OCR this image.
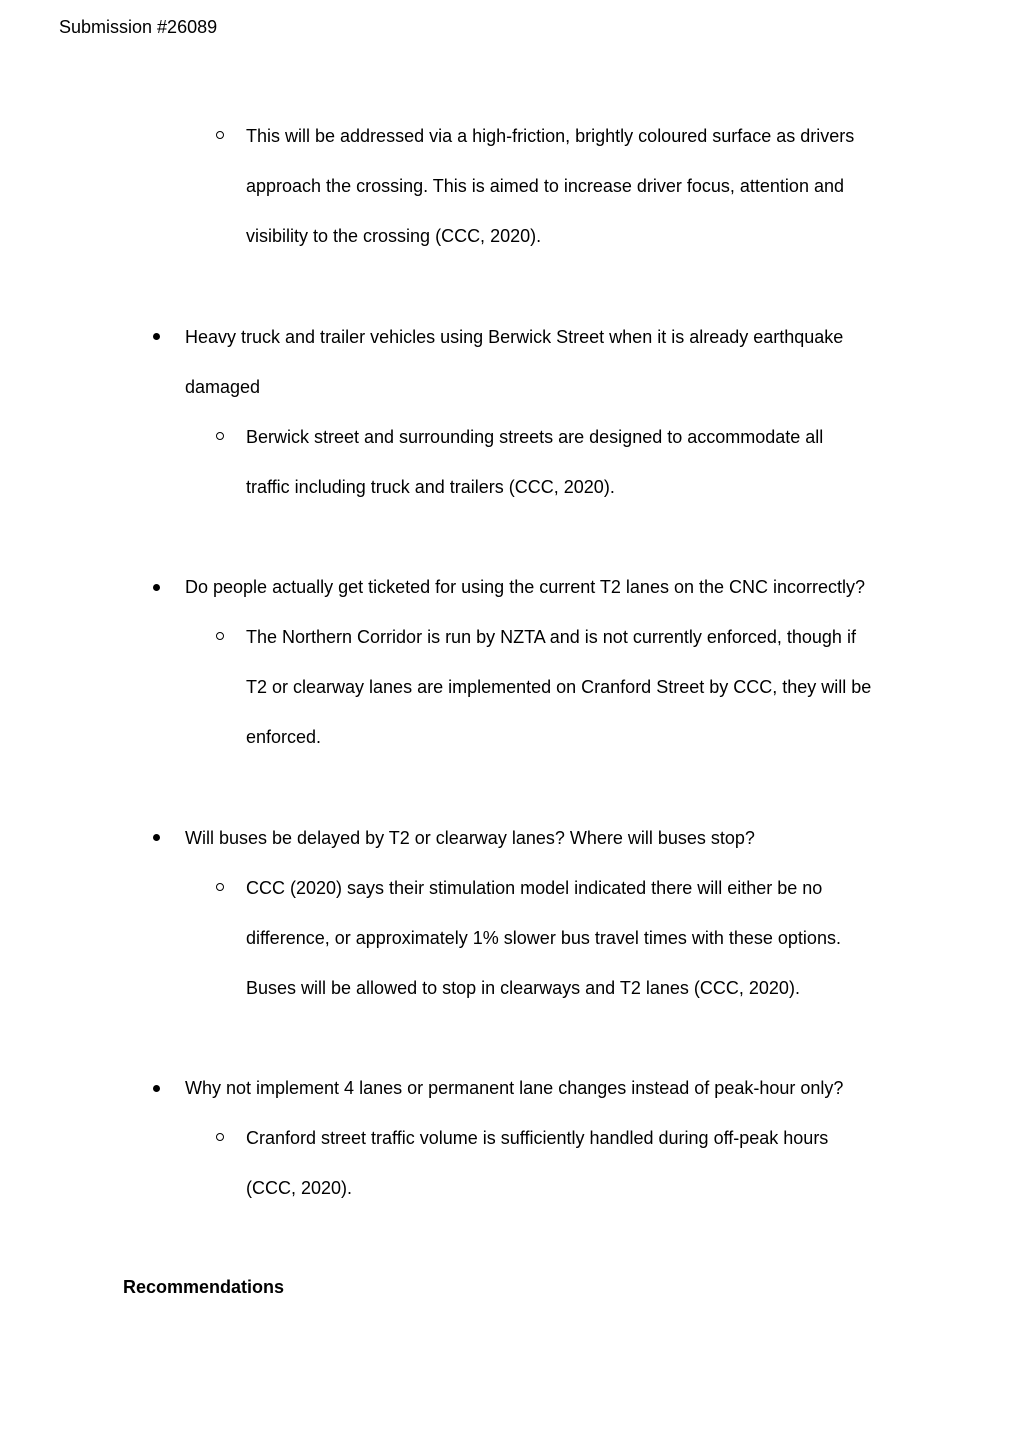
Submission #26089
This will be addressed via a high-friction, brightly coloured surface as drivers
approach the crossing. This is aimed to increase driver focus, attention and
visibility to the crossing (CCC, 2020).
Heavy truck and trailer vehicles using Berwick Street when it is already earthquake
damaged
Berwick street and surrounding streets are designed to accommodate all
traffic including truck and trailers (CCC, 2020).
Do people actually get ticketed for using the current T2 lanes on the CNC incorrectly?
The Northern Corridor is run by NZTA and is not currently enforced, though if
T2 or clearway lanes are implemented on Cranford Street by CCC, they will be
enforced.
Will buses be delayed by T2 or clearway lanes? Where will buses stop?
CCC (2020) says their stimulation model indicated there will either be no
difference, or approximately 1% slower bus travel times with these options.
Buses will be allowed to stop in clearways and T2 lanes (CCC, 2020).
Why not implement 4 lanes or permanent lane changes instead of peak-hour only?
Cranford street traffic volume is sufficiently handled during off-peak hours
(CCC, 2020).
Recommendations
